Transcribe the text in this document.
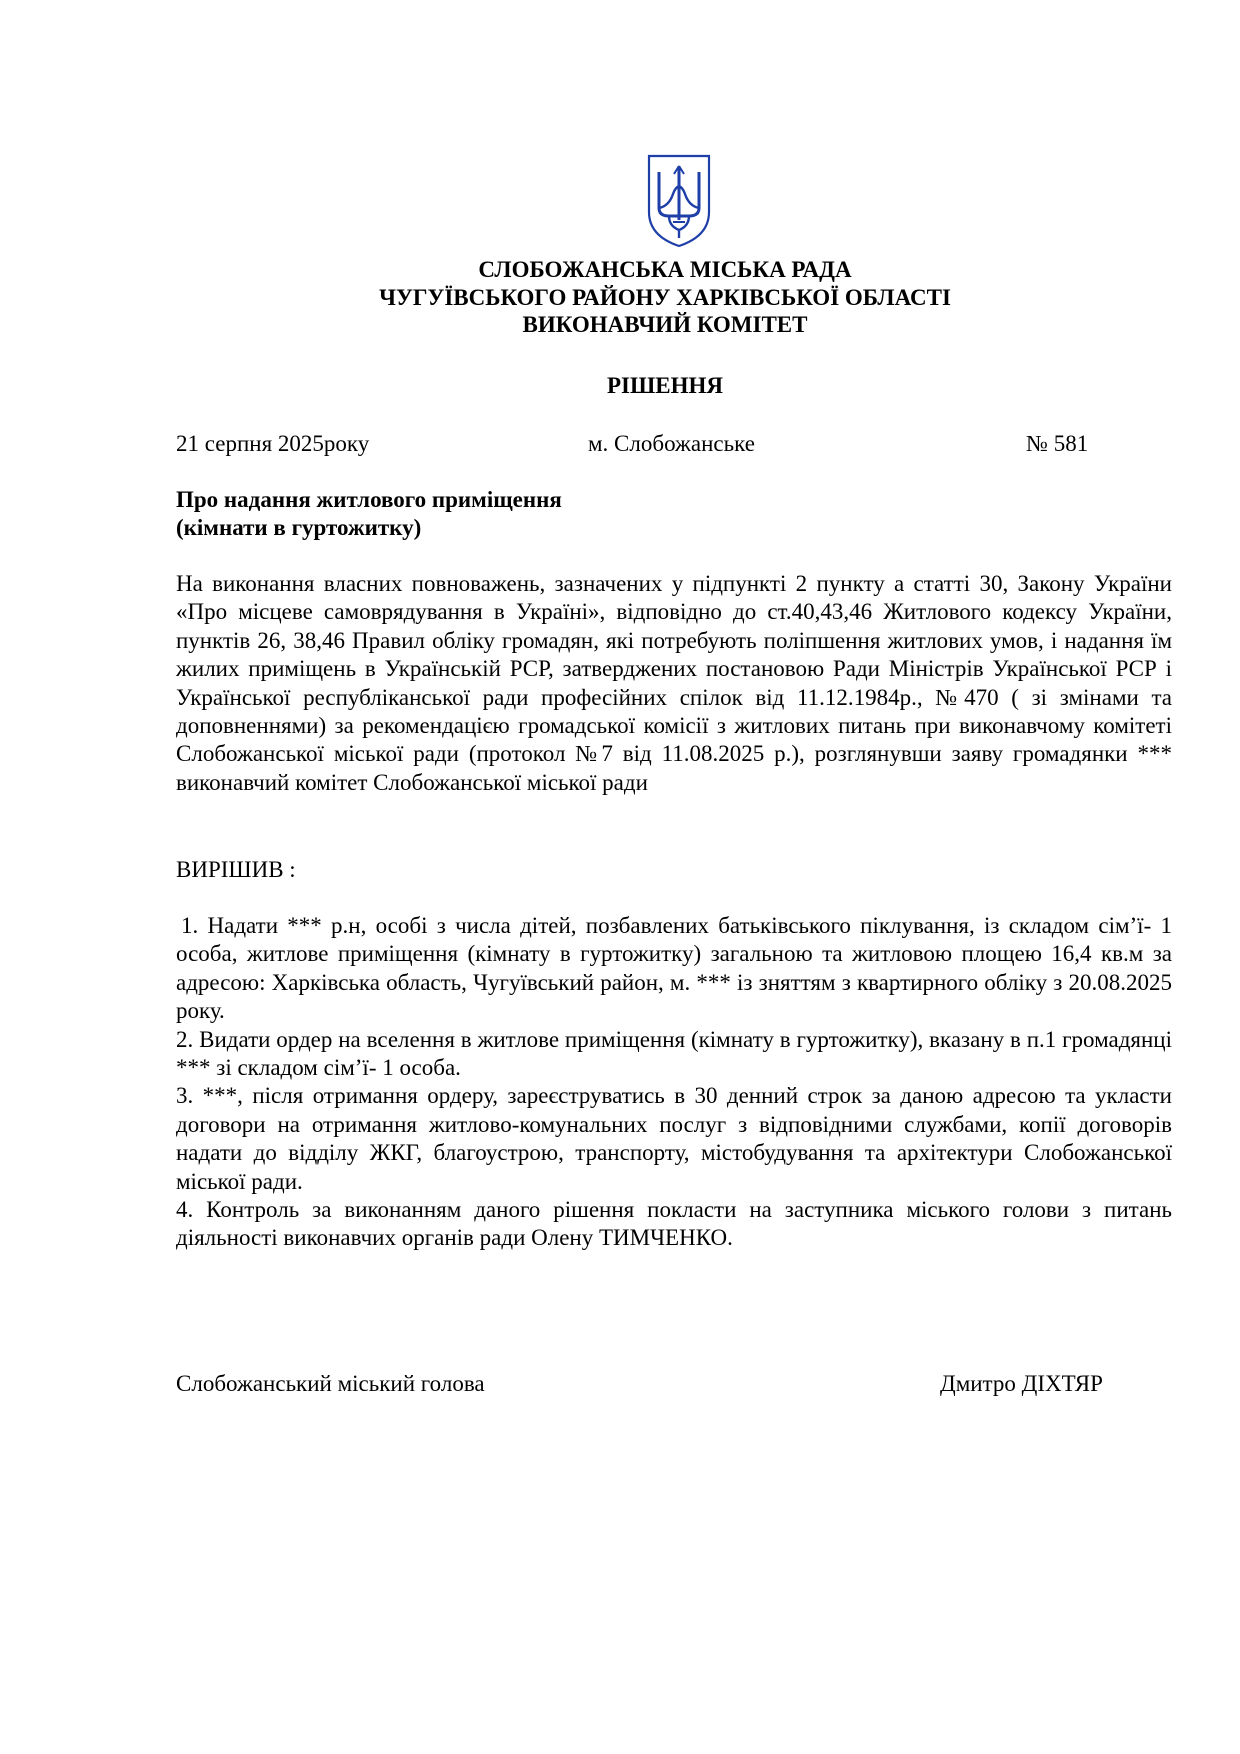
СЛОБОЖАНСЬКА МІСЬКА РАДА
ЧУГУЇВСЬКОГО РАЙОНУ ХАРКІВСЬКОЇ ОБЛАСТІ
ВИКОНАВЧИЙ КОМІТЕТ
РІШЕННЯ
21 серпня 2025року	м. Слобожанське	№ 581
Про надання житлового приміщення
(кімнати в гуртожитку)
На виконання власних повноважень, зазначених у підпункті 2 пункту а статті 30, Закону України «Про місцеве самоврядування в Україні», відповідно до ст.40,43,46 Житлового кодексу України, пунктів 26, 38,46 Правил обліку громадян, які потребують поліпшення житлових умов, і надання їм жилих приміщень в Українській РСР, затверджених постановою Ради Міністрів Української РСР і Української республіканської ради професійних спілок від 11.12.1984р., №470 ( зі змінами та доповненнями) за рекомендацією громадської комісії з житлових питань при виконавчому комітеті Слобожанської міської ради (протокол №7 від 11.08.2025 р.), розглянувши заяву громадянки *** виконавчий комітет Слобожанської міської ради
ВИРІШИВ :

1. Надати *** р.н, особі з числа дітей, позбавлених батьківського піклування, із складом сім’ї- 1 особа, житлове приміщення (кімнату в гуртожитку) загальною та житловою площею 16,4 кв.м за адресою: Харківська область, Чугуївський район, м. *** із зняттям з квартирного обліку з 20.08.2025 року.

2. Видати ордер на вселення в житлове приміщення (кімнату в гуртожитку), вказану в п.1 громадянці *** зі складом сім’ї- 1 особа.

3. ***, після отримання ордеру, зареєструватись в 30 денний строк за даною адресою та укласти договори на отримання житлово-комунальних послуг з відповідними службами, копії договорів надати до відділу ЖКГ, благоустрою, транспорту, містобудування та архітектури Слобожанської міської ради.

4. Контроль за виконанням даного рішення покласти на заступника міського голови з питань діяльності виконавчих органів ради Олену ТИМЧЕНКО.

Слобожанський міський голова	Дмитро ДІХТЯР
